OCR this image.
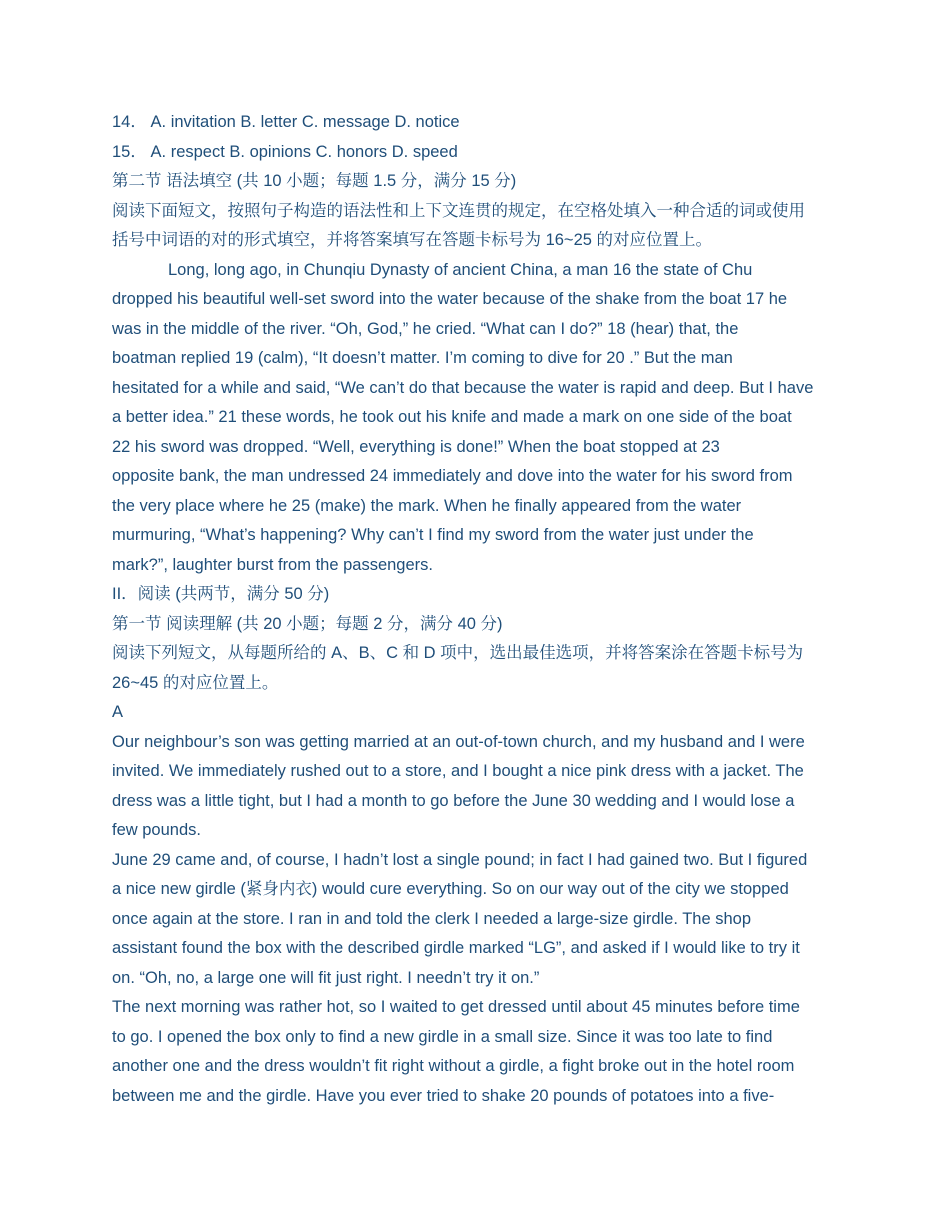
14． A. invitation B. letter C. message D. notice
15． A. respect B. opinions C. honors D. speed
第二节 语法填空 (共 10 小题；每题 1.5 分，满分 15 分)
阅读下面短文，按照句子构造的语法性和上下文连贯的规定，在空格处填入一种合适的词或使用
括号中词语的对的形式填空，并将答案填写在答题卡标号为 16~25 的对应位置上。
Long, long ago, in Chunqiu Dynasty of ancient China, a man 16 the state of Chu
dropped his beautiful well-set sword into the water because of the shake from the boat 17 he
was in the middle of the river. “Oh, God,” he cried. “What can I do?” 18 (hear) that, the
boatman replied 19 (calm), “It doesn’t matter. I’m coming to dive for 20 .” But the man
hesitated for a while and said, “We can’t do that because the water is rapid and deep. But I have
a better idea.” 21 these words, he took out his knife and made a mark on one side of the boat
22 his sword was dropped. “Well, everything is done!” When the boat stopped at 23
opposite bank, the man undressed 24 immediately and dove into the water for his sword from
the very place where he 25 (make) the mark. When he finally appeared from the water
murmuring, “What’s happening? Why can’t I find my sword from the water just under the
mark?”, laughter burst from the passengers.
II．阅读 (共两节，满分 50 分)
第一节 阅读理解 (共 20 小题；每题 2 分，满分 40 分)
阅读下列短文，从每题所给的 A、B、C 和 D 项中，选出最佳选项，并将答案涂在答题卡标号为
26~45 的对应位置上。
A
Our neighbour’s son was getting married at an out-of-town church, and my husband and I were
invited. We immediately rushed out to a store, and I bought a nice pink dress with a jacket. The
dress was a little tight, but I had a month to go before the June 30 wedding and I would lose a
few pounds.
June 29 came and, of course, I hadn’t lost a single pound; in fact I had gained two. But I figured
a nice new girdle (紧身内衣) would cure everything. So on our way out of the city we stopped
once again at the store. I ran in and told the clerk I needed a large-size girdle. The shop
assistant found the box with the described girdle marked “LG”, and asked if I would like to try it
on. “Oh, no, a large one will fit just right. I needn’t try it on.”
The next morning was rather hot, so I waited to get dressed until about 45 minutes before time
to go. I opened the box only to find a new girdle in a small size. Since it was too late to find
another one and the dress wouldn’t fit right without a girdle, a fight broke out in the hotel room
between me and the girdle. Have you ever tried to shake 20 pounds of potatoes into a five-
